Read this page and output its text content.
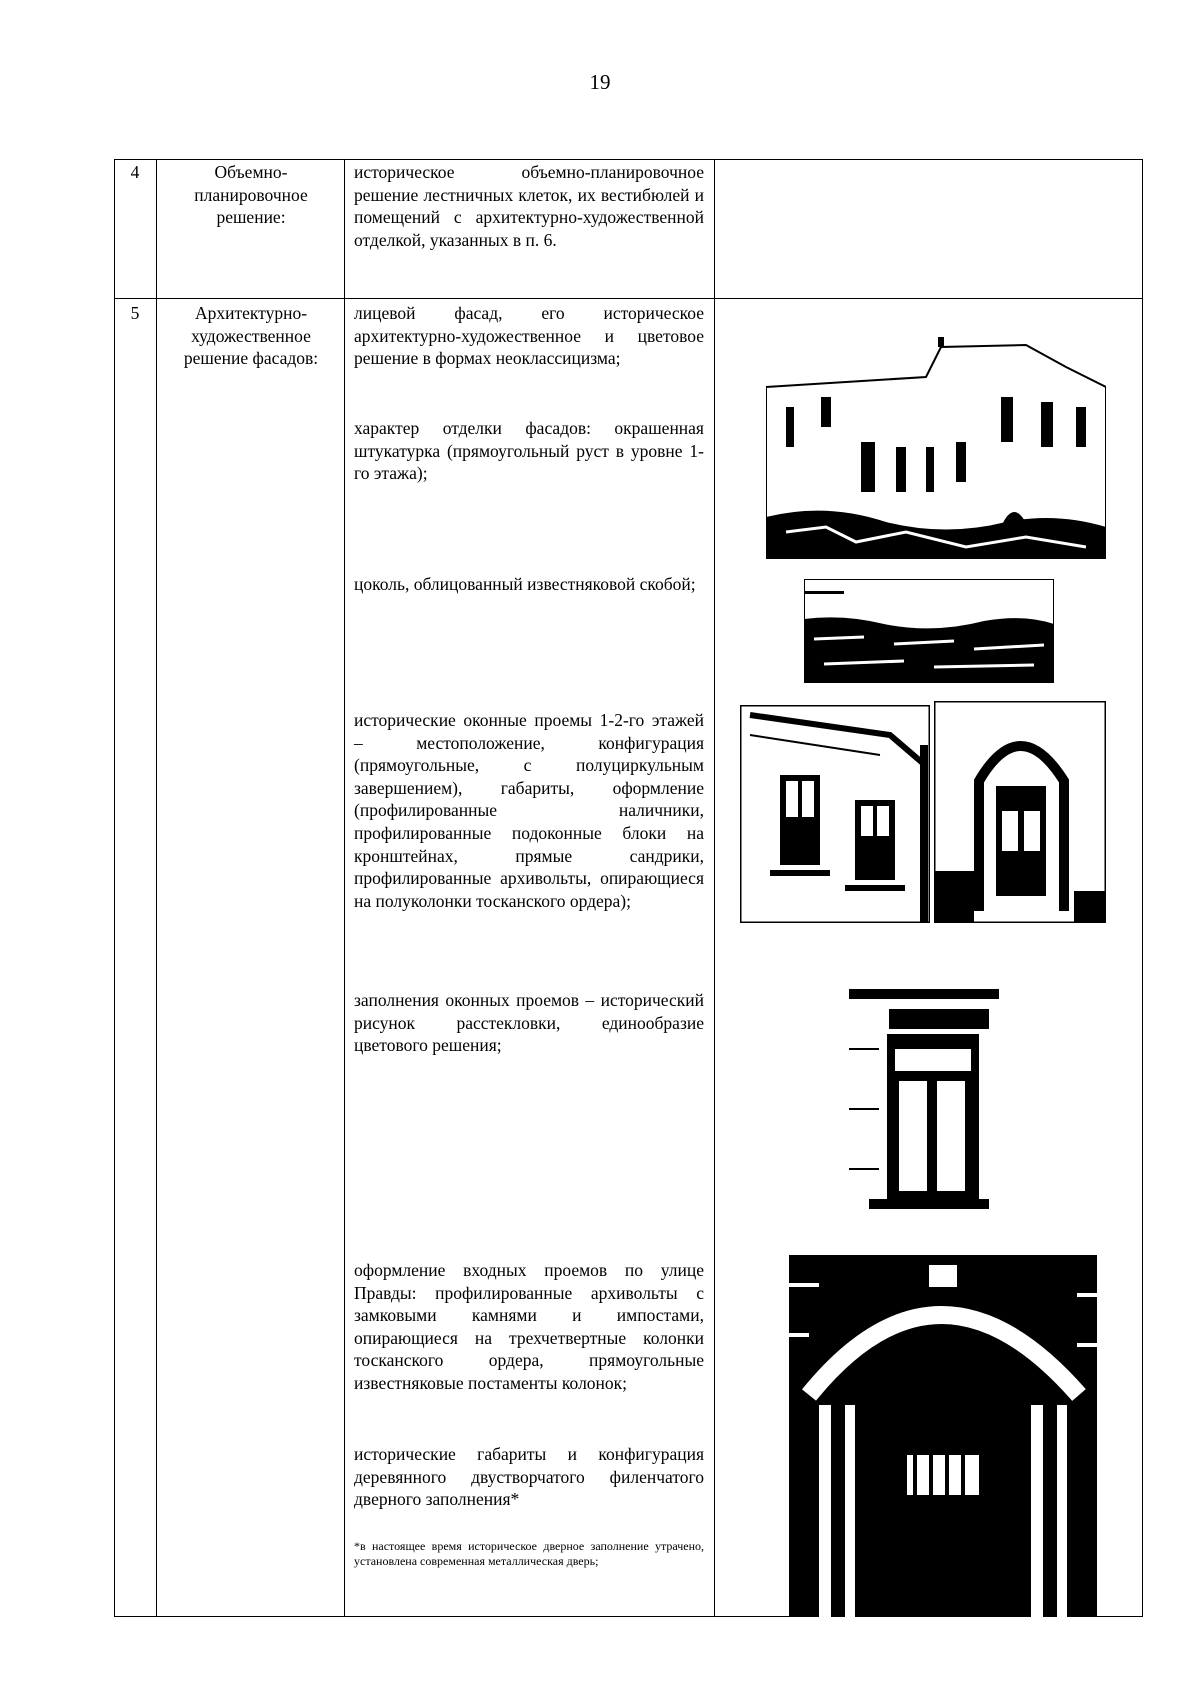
19
4	Объемно-планировочное решение:
историческое объемно-планировочное решение лестничных клеток, их вестибюлей и помещений с архитектурно-художественной отделкой, указанных в п. 6.
5	Архитектурно-художественное решение фасадов:
лицевой фасад, его историческое архитектурно-художественное и цветовое решение в формах неоклассицизма;
характер отделки фасадов: окрашенная штукатурка (прямоугольный руст в уровне 1-го этажа);
цоколь, облицованный известняковой скобой;
исторические оконные проемы 1-2-го этажей – местоположение, конфигурация (прямоугольные, с полуциркульным завершением), габариты, оформление (профилированные наличники, профилированные подоконные блоки на кронштейнах, прямые сандрики, профилированные архивольты, опирающиеся на полуколонки тосканского ордера);
заполнения оконных проемов – исторический рисунок расстекловки, единообразие цветового решения;
оформление входных проемов по улице Правды: профилированные архивольты с замковыми камнями и импостами, опирающиеся на трехчетвертные колонки тосканского ордера, прямоугольные известняковые постаменты колонок;
исторические габариты и конфигурация деревянного двустворчатого филенчатого дверного заполнения*
*в настоящее время историческое дверное заполнение утрачено, установлена современная металлическая дверь;
